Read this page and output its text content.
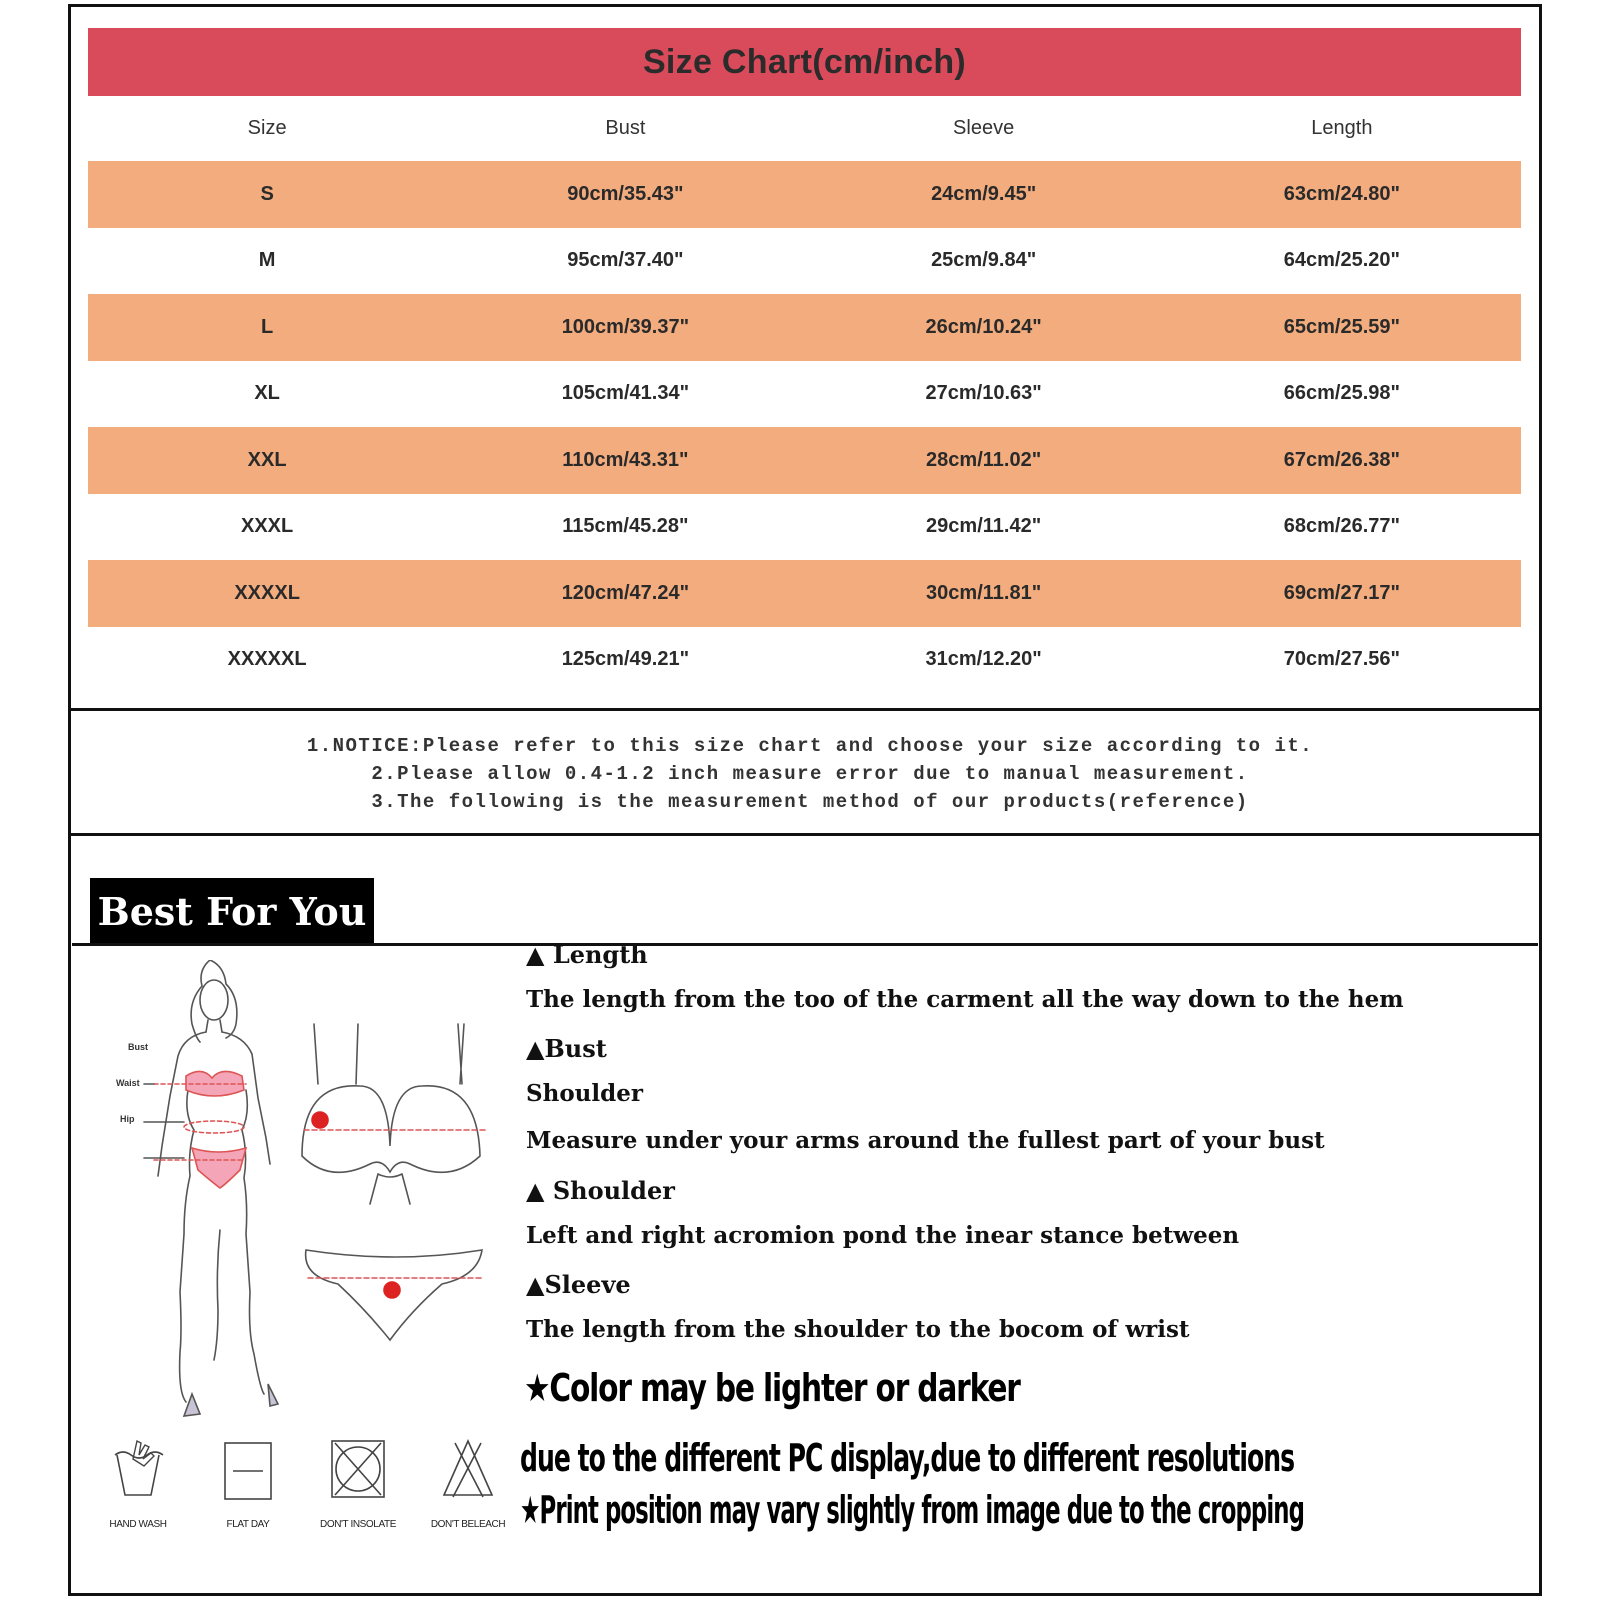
Size Chart(cm/inch)
Size	Bust	Sleeve	Length
S	90cm/35.43"	24cm/9.45"	63cm/24.80"
M	95cm/37.40"	25cm/9.84"	64cm/25.20"
L	100cm/39.37"	26cm/10.24"	65cm/25.59"
XL	105cm/41.34"	27cm/10.63"	66cm/25.98"
XXL	110cm/43.31"	28cm/11.02"	67cm/26.38"
XXXL	115cm/45.28"	29cm/11.42"	68cm/26.77"
XXXXL	120cm/47.24"	30cm/11.81"	69cm/27.17"
XXXXXL	125cm/49.21"	31cm/12.20"	70cm/27.56"
1.NOTICE:Please refer to this size chart and choose your size according to it.
2.Please allow 0.4-1.2 inch measure error due to manual measurement.
3.The following is the measurement method of our products(reference)
Best For You
Bust
Waist
Hip
HAND WASH	FLAT DAY	DON'T INSOLATE	DON'T BELEACH
▲ Length
The length from the too of the carment all the way down to the hem
▲Bust
Shoulder
Measure under your arms around the fullest part of your bust
▲ Shoulder
Left and right acromion pond the inear stance between
▲Sleeve
The length from the shoulder to the bocom of wrist
★Color may be lighter or darker
due to the different PC display,due to different resolutions
★Print position may vary slightly from image due to the cropping
